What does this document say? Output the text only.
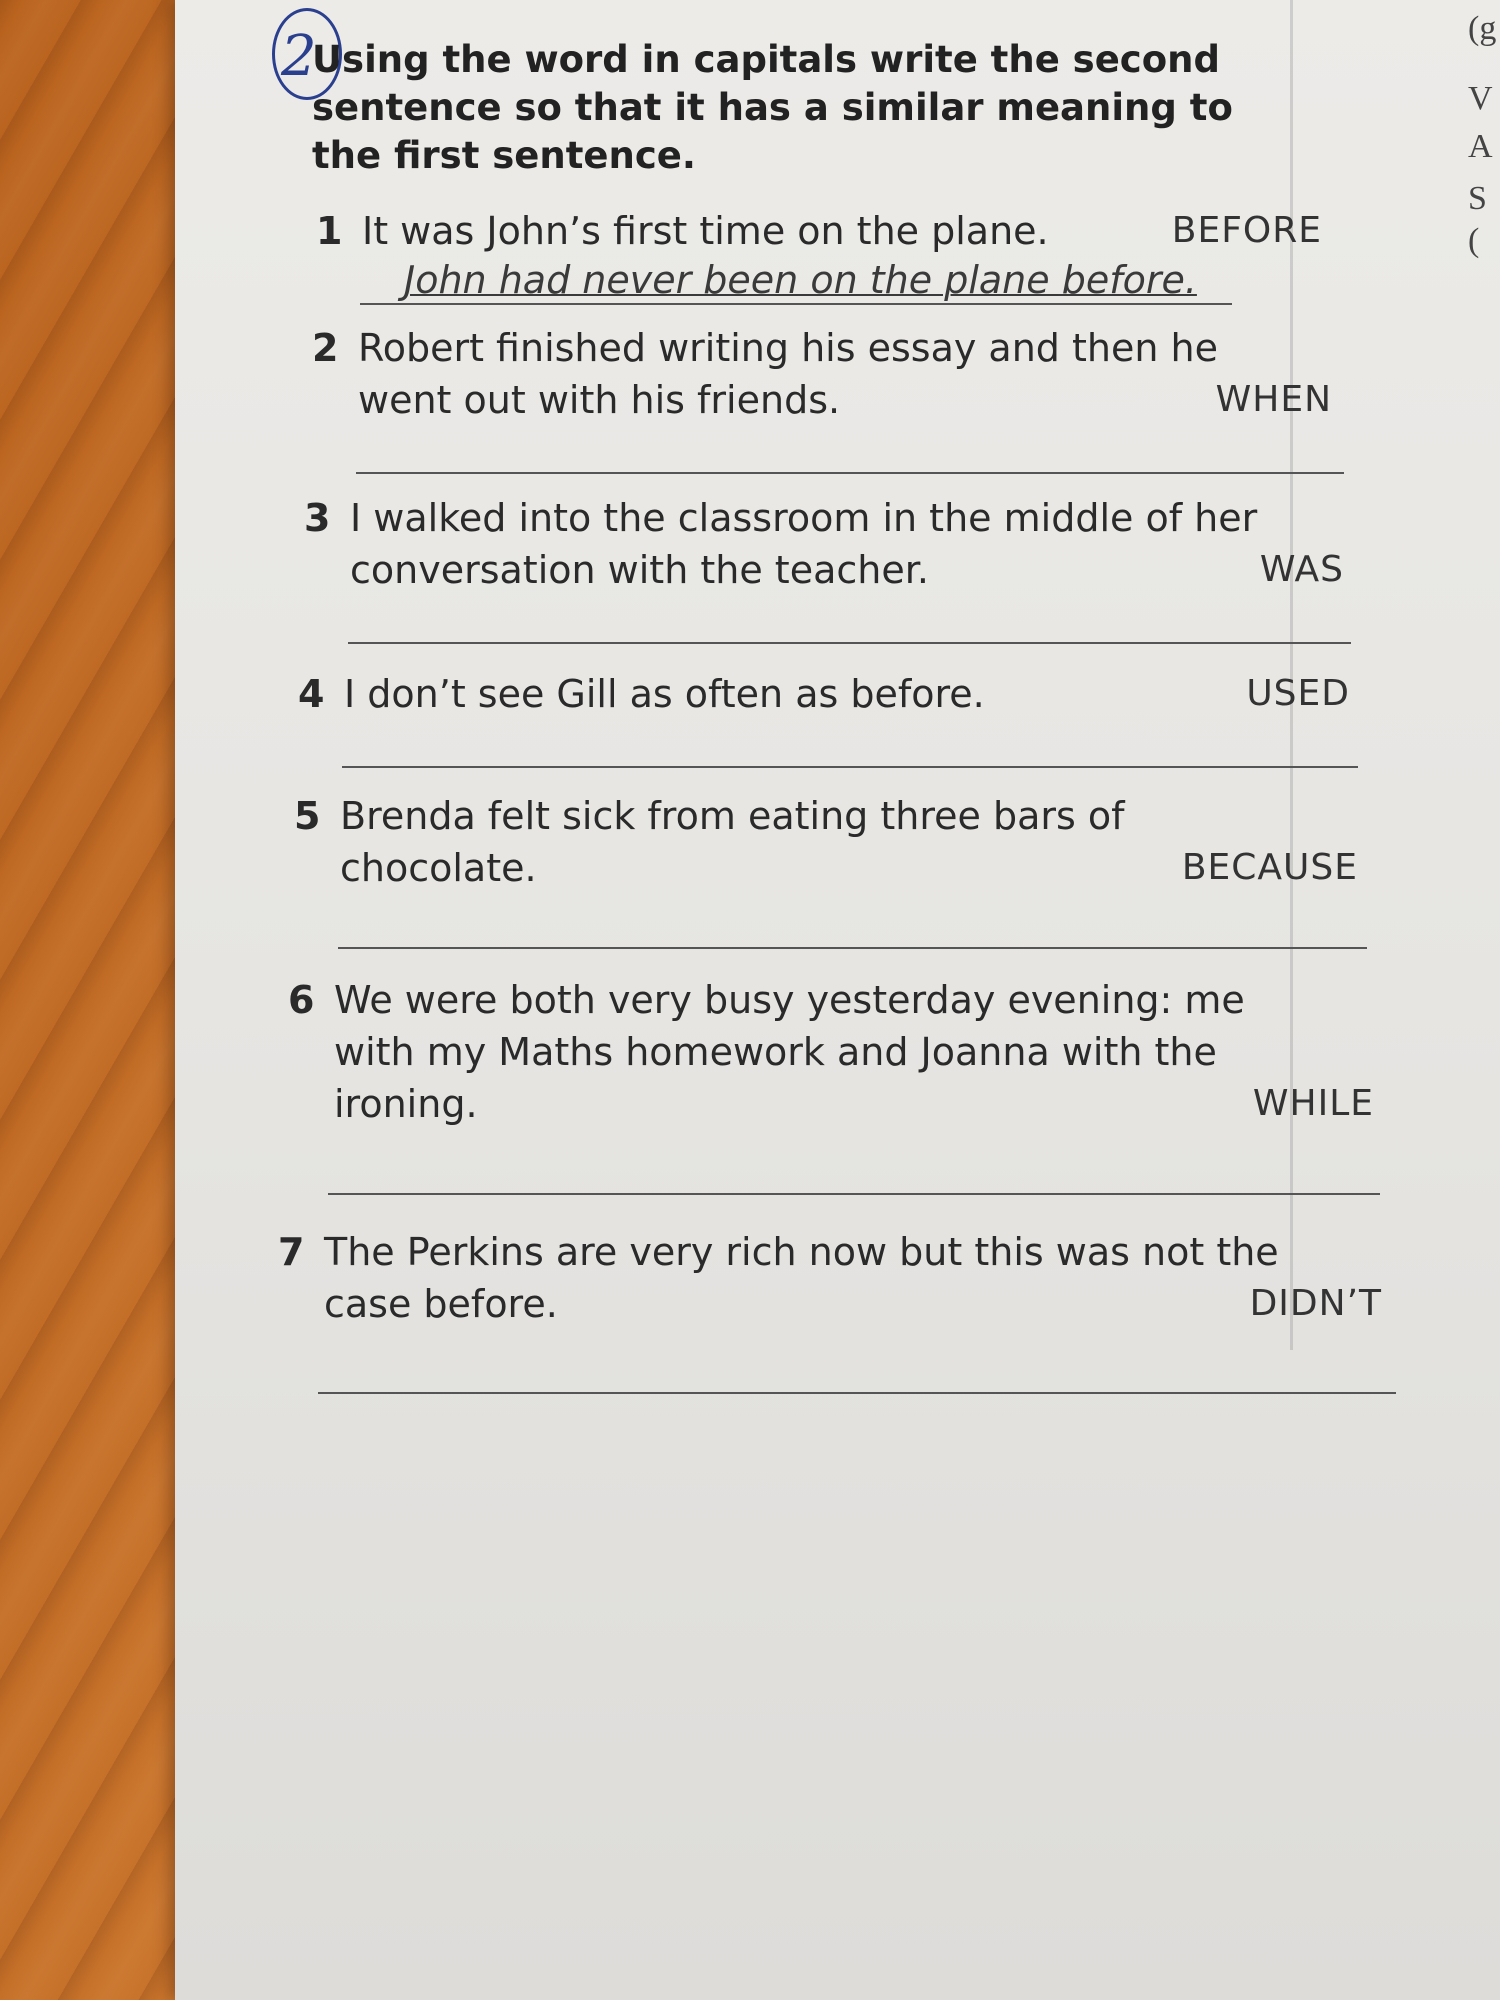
(g
V
A
S
(
2
Using the word in capitals write the second sentence so that it has a similar meaning to the first sentence.
1 It was John’s first time on the plane.	BEFORE
John had never been on the plane before.
2 Robert finished writing his essay and then he went out with his friends.	WHEN
3 I walked into the classroom in the middle of her conversation with the teacher.	WAS
4 I don’t see Gill as often as before.	USED
5 Brenda felt sick from eating three bars of chocolate.	BECAUSE
6 We were both very busy yesterday evening: me with my Maths homework and Joanna with the ironing.	WHILE
7 The Perkins are very rich now but this was not the case before.	DIDN’T
